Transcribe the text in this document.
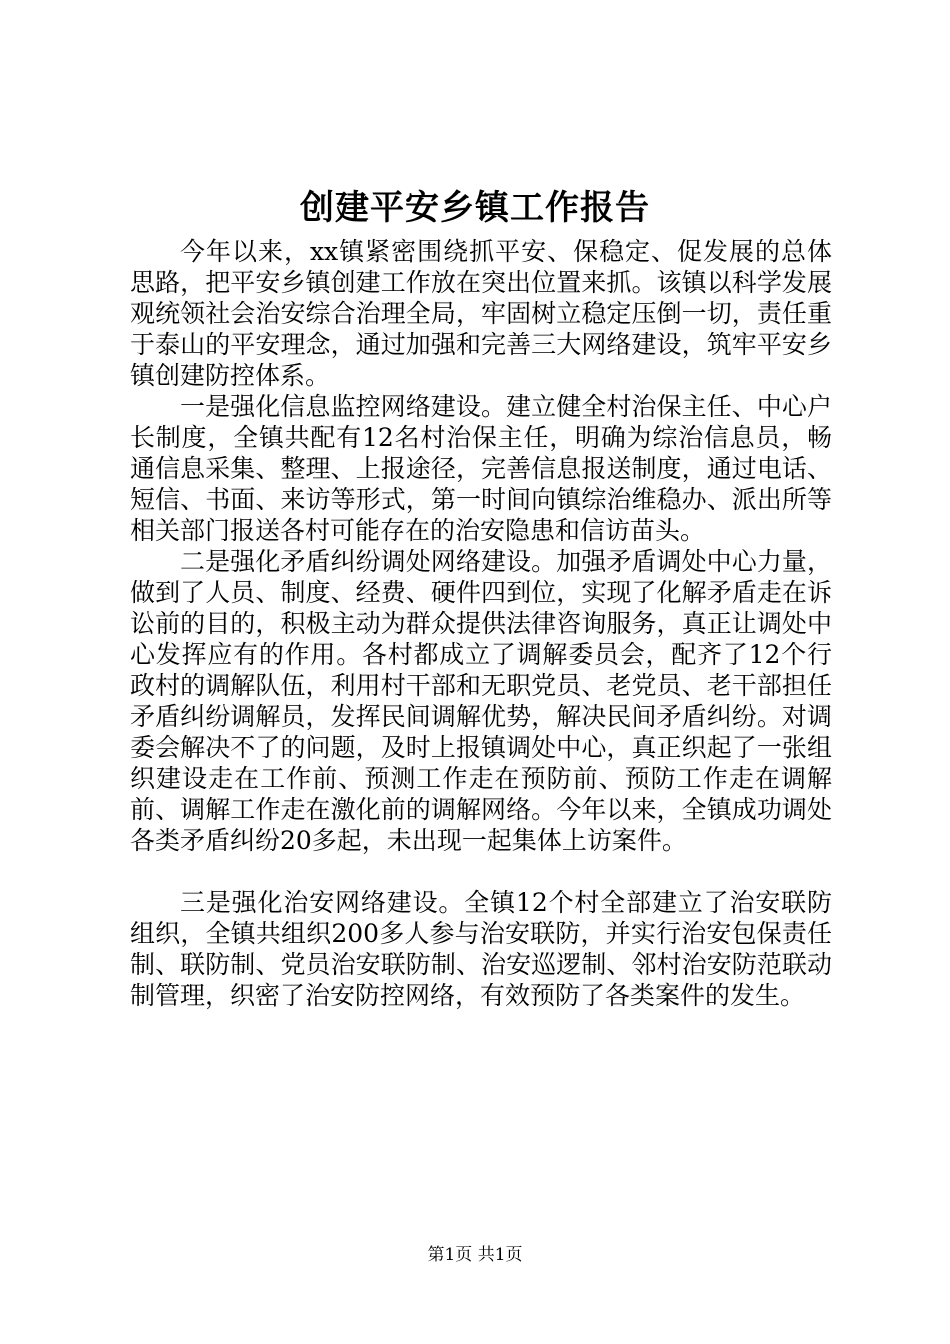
创建平安乡镇工作报告

今年以来，xx镇紧密围绕抓平安、保稳定、促发展的总体思路，把平安乡镇创建工作放在突出位置来抓。该镇以科学发展观统领社会治安综合治理全局，牢固树立稳定压倒一切，责任重于泰山的平安理念，通过加强和完善三大网络建设，筑牢平安乡镇创建防控体系。

一是强化信息监控网络建设。建立健全村治保主任、中心户长制度，全镇共配有12名村治保主任，明确为综治信息员，畅通信息采集、整理、上报途径，完善信息报送制度，通过电话、短信、书面、来访等形式，第一时间向镇综治维稳办、派出所等相关部门报送各村可能存在的治安隐患和信访苗头。

二是强化矛盾纠纷调处网络建设。加强矛盾调处中心力量，做到了人员、制度、经费、硬件四到位，实现了化解矛盾走在诉讼前的目的，积极主动为群众提供法律咨询服务，真正让调处中心发挥应有的作用。各村都成立了调解委员会，配齐了12个行政村的调解队伍，利用村干部和无职党员、老党员、老干部担任矛盾纠纷调解员，发挥民间调解优势，解决民间矛盾纠纷。对调委会解决不了的问题，及时上报镇调处中心，真正织起了一张组织建设走在工作前、预测工作走在预防前、预防工作走在调解前、调解工作走在激化前的调解网络。今年以来，全镇成功调处各类矛盾纠纷20多起，未出现一起集体上访案件。

三是强化治安网络建设。全镇12个村全部建立了治安联防组织，全镇共组织200多人参与治安联防，并实行治安包保责任制、联防制、党员治安联防制、治安巡逻制、邻村治安防范联动制管理，织密了治安防控网络，有效预防了各类案件的发生。

第1页 共1页
